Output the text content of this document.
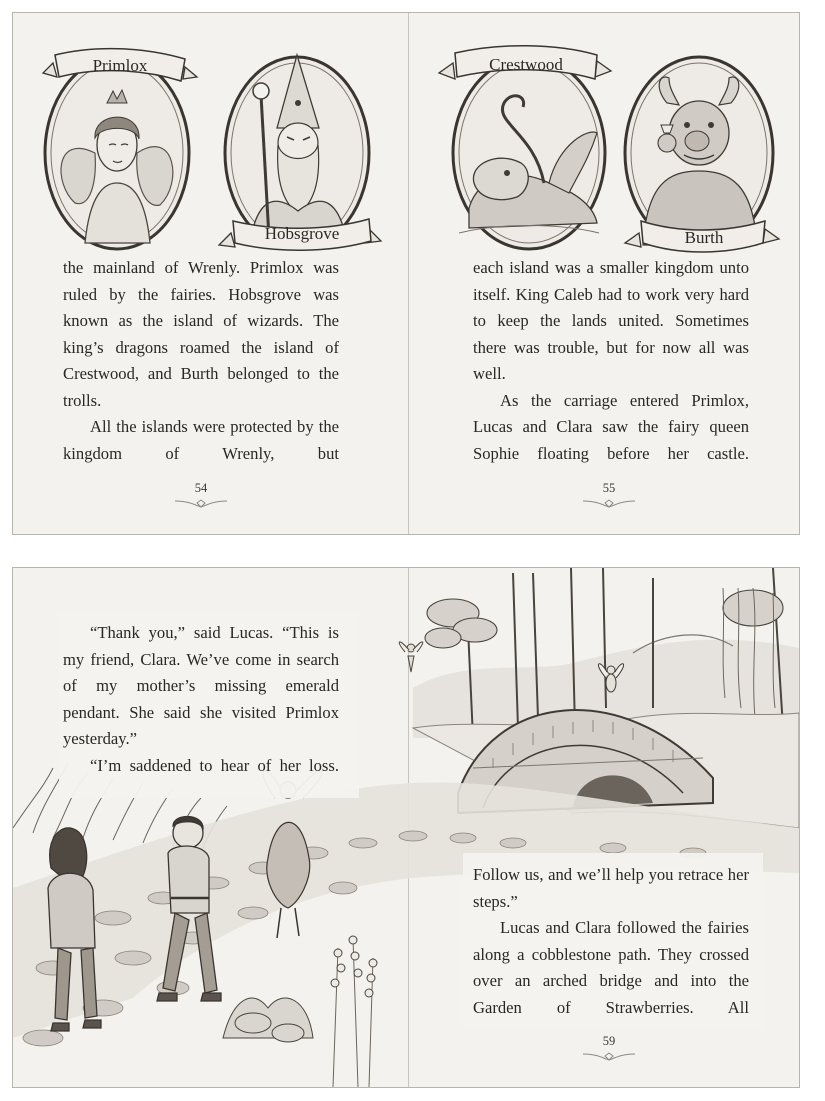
Primlox
Hobsgrove

the mainland of Wrenly. Primlox was ruled by the fairies. Hobsgrove was known as the island of wizards. The king’s dragons roamed the island of Crestwood, and Burth belonged to the trolls.

All the islands were protected by the kingdom of Wrenly, but

54
Crestwood
Burth

each island was a smaller kingdom unto itself. King Caleb had to work very hard to keep the lands united. Sometimes there was trouble, but for now all was well.

As the carriage entered Primlox, Lucas and Clara saw the fairy queen Sophie floating before her castle.

55

“Thank you,” said Lucas. “This is my friend, Clara. We’ve come in search of my mother’s missing emerald pendant. She said she visited Primlox yesterday.”

“I’m saddened to hear of her loss.

Follow us, and we’ll help you retrace her steps.”

Lucas and Clara followed the fairies along a cobblestone path. They crossed over an arched bridge and into the Garden of Strawberries. All

59
